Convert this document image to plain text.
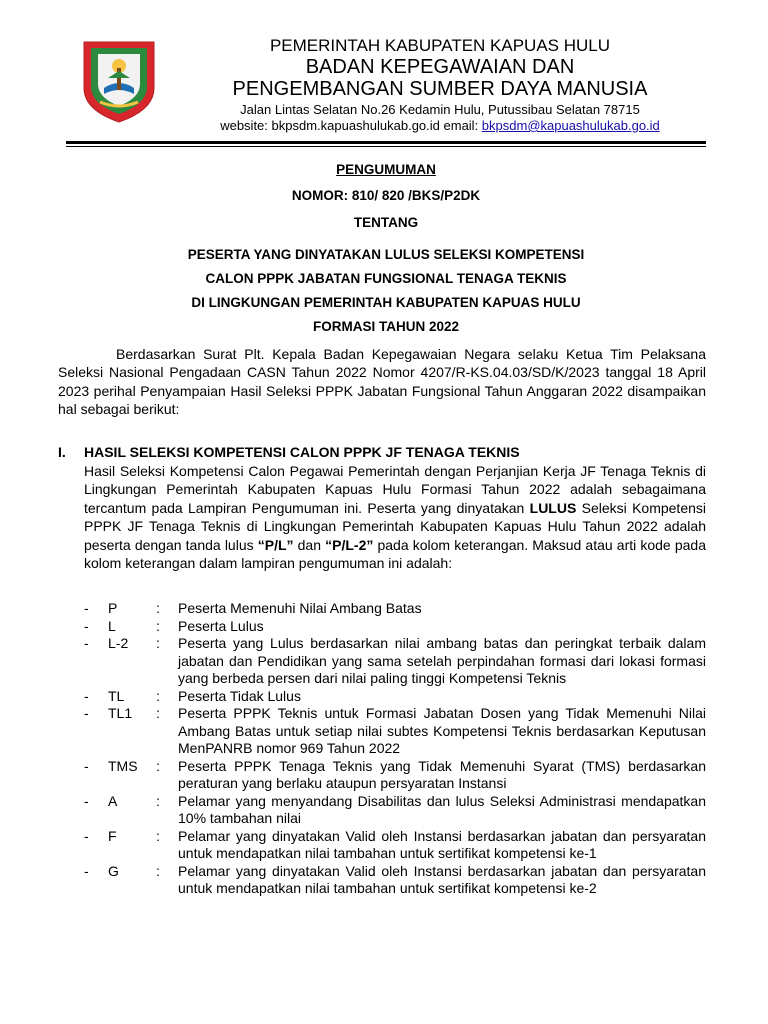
PEMERINTAH KABUPATEN KAPUAS HULU
BADAN KEPEGAWAIAN DAN
PENGEMBANGAN SUMBER DAYA MANUSIA
Jalan Lintas Selatan No.26 Kedamin Hulu, Putussibau Selatan 78715
website: bkpsdm.kapuashulukab.go.id email: bkpsdm@kapuashulukab.go.id
PENGUMUMAN
NOMOR: 810/ 820 /BKS/P2DK
TENTANG
PESERTA YANG DINYATAKAN LULUS SELEKSI KOMPETENSI
CALON PPPK JABATAN FUNGSIONAL TENAGA TEKNIS
DI LINGKUNGAN PEMERINTAH KABUPATEN KAPUAS HULU
FORMASI TAHUN 2022
Berdasarkan Surat Plt. Kepala Badan Kepegawaian Negara selaku Ketua Tim Pelaksana Seleksi Nasional Pengadaan CASN Tahun 2022 Nomor 4207/R-KS.04.03/SD/K/2023 tanggal 18 April 2023 perihal Penyampaian Hasil Seleksi PPPK Jabatan Fungsional Tahun Anggaran 2022 disampaikan hal sebagai berikut:
I. HASIL SELEKSI KOMPETENSI CALON PPPK JF TENAGA TEKNIS
Hasil Seleksi Kompetensi Calon Pegawai Pemerintah dengan Perjanjian Kerja JF Tenaga Teknis di Lingkungan Pemerintah Kabupaten Kapuas Hulu Formasi Tahun 2022 adalah sebagaimana tercantum pada Lampiran Pengumuman ini. Peserta yang dinyatakan LULUS Seleksi Kompetensi PPPK JF Tenaga Teknis di Lingkungan Pemerintah Kabupaten Kapuas Hulu Tahun 2022 adalah peserta dengan tanda lulus “P/L” dan “P/L-2” pada kolom keterangan. Maksud atau arti kode pada kolom keterangan dalam lampiran pengumuman ini adalah:
-	P	:	Peserta Memenuhi Nilai Ambang Batas
-	L	:	Peserta Lulus
-	L-2	:	Peserta yang Lulus berdasarkan nilai ambang batas dan peringkat terbaik dalam jabatan dan Pendidikan yang sama setelah perpindahan formasi dari lokasi formasi yang berbeda persen dari nilai paling tinggi Kompetensi Teknis
-	TL	:	Peserta Tidak Lulus
-	TL1	:	Peserta PPPK Teknis untuk Formasi Jabatan Dosen yang Tidak Memenuhi Nilai Ambang Batas untuk setiap nilai subtes Kompetensi Teknis berdasarkan Keputusan MenPANRB nomor 969 Tahun 2022
-	TMS	:	Peserta PPPK Tenaga Teknis yang Tidak Memenuhi Syarat (TMS) berdasarkan peraturan yang berlaku ataupun persyaratan Instansi
-	A	:	Pelamar yang menyandang Disabilitas dan lulus Seleksi Administrasi mendapatkan 10% tambahan nilai
-	F	:	Pelamar yang dinyatakan Valid oleh Instansi berdasarkan jabatan dan persyaratan untuk mendapatkan nilai tambahan untuk sertifikat kompetensi ke-1
-	G	:	Pelamar yang dinyatakan Valid oleh Instansi berdasarkan jabatan dan persyaratan untuk mendapatkan nilai tambahan untuk sertifikat kompetensi ke-2
